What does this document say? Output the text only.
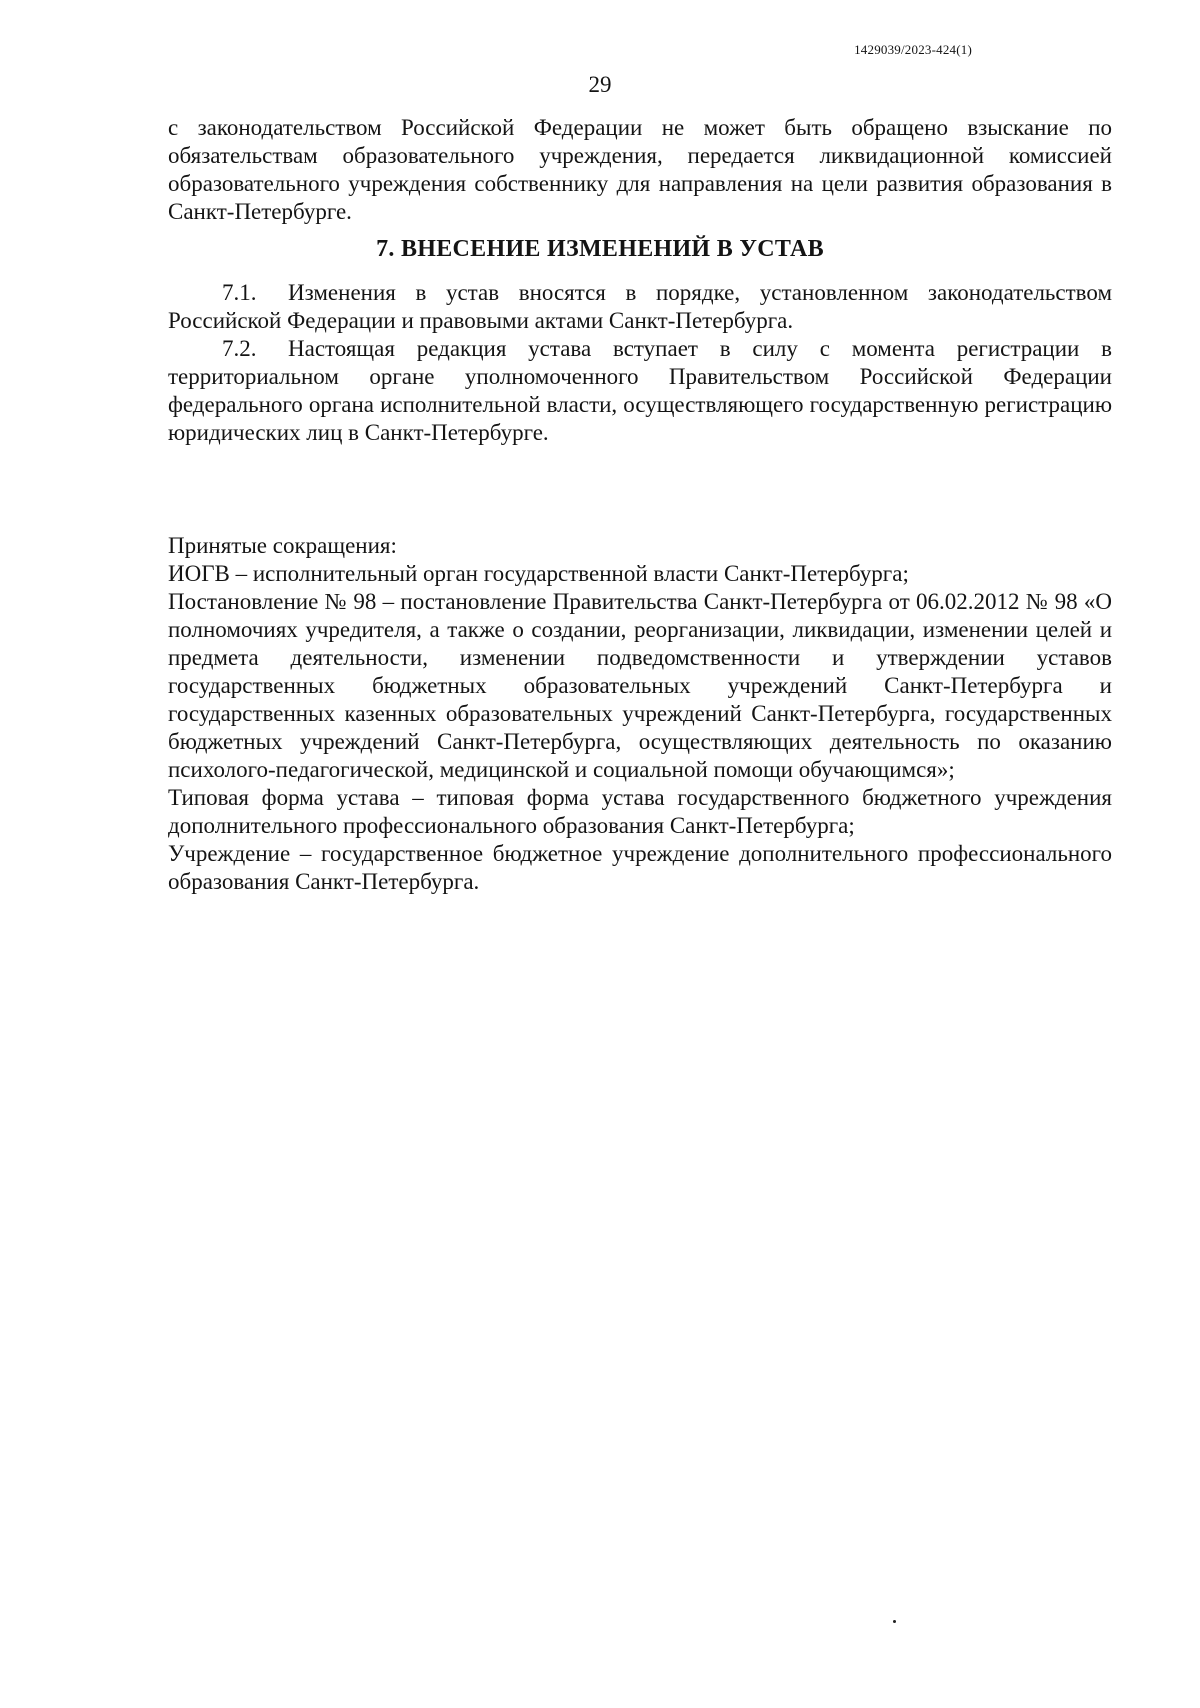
1429039/2023-424(1)
29

с законодательством Российской Федерации не может быть обращено взыскание по обязательствам образовательного учреждения, передается ликвидационной комиссией образовательного учреждения собственнику для направления на цели развития образования в Санкт-Петербурге.

7. ВНЕСЕНИЕ ИЗМЕНЕНИЙ В УСТАВ

7.1. Изменения в устав вносятся в порядке, установленном законодательством Российской Федерации и правовыми актами Санкт-Петербурга.

7.2. Настоящая редакция устава вступает в силу с момента регистрации в территориальном органе уполномоченного Правительством Российской Федерации федерального органа исполнительной власти, осуществляющего государственную регистрацию юридических лиц в Санкт-Петербурге.

Принятые сокращения:

ИОГВ – исполнительный орган государственной власти Санкт-Петербурга;

Постановление № 98 – постановление Правительства Санкт-Петербурга от 06.02.2012 № 98 «О полномочиях учредителя, а также о создании, реорганизации, ликвидации, изменении целей и предмета деятельности, изменении подведомственности и утверждении уставов государственных бюджетных образовательных учреждений Санкт-Петербурга и государственных казенных образовательных учреждений Санкт-Петербурга, государственных бюджетных учреждений Санкт-Петербурга, осуществляющих деятельность по оказанию психолого-педагогической, медицинской и социальной помощи обучающимся»;

Типовая форма устава – типовая форма устава государственного бюджетного учреждения дополнительного профессионального образования Санкт-Петербурга;

Учреждение – государственное бюджетное учреждение дополнительного профессионального образования Санкт-Петербурга.
